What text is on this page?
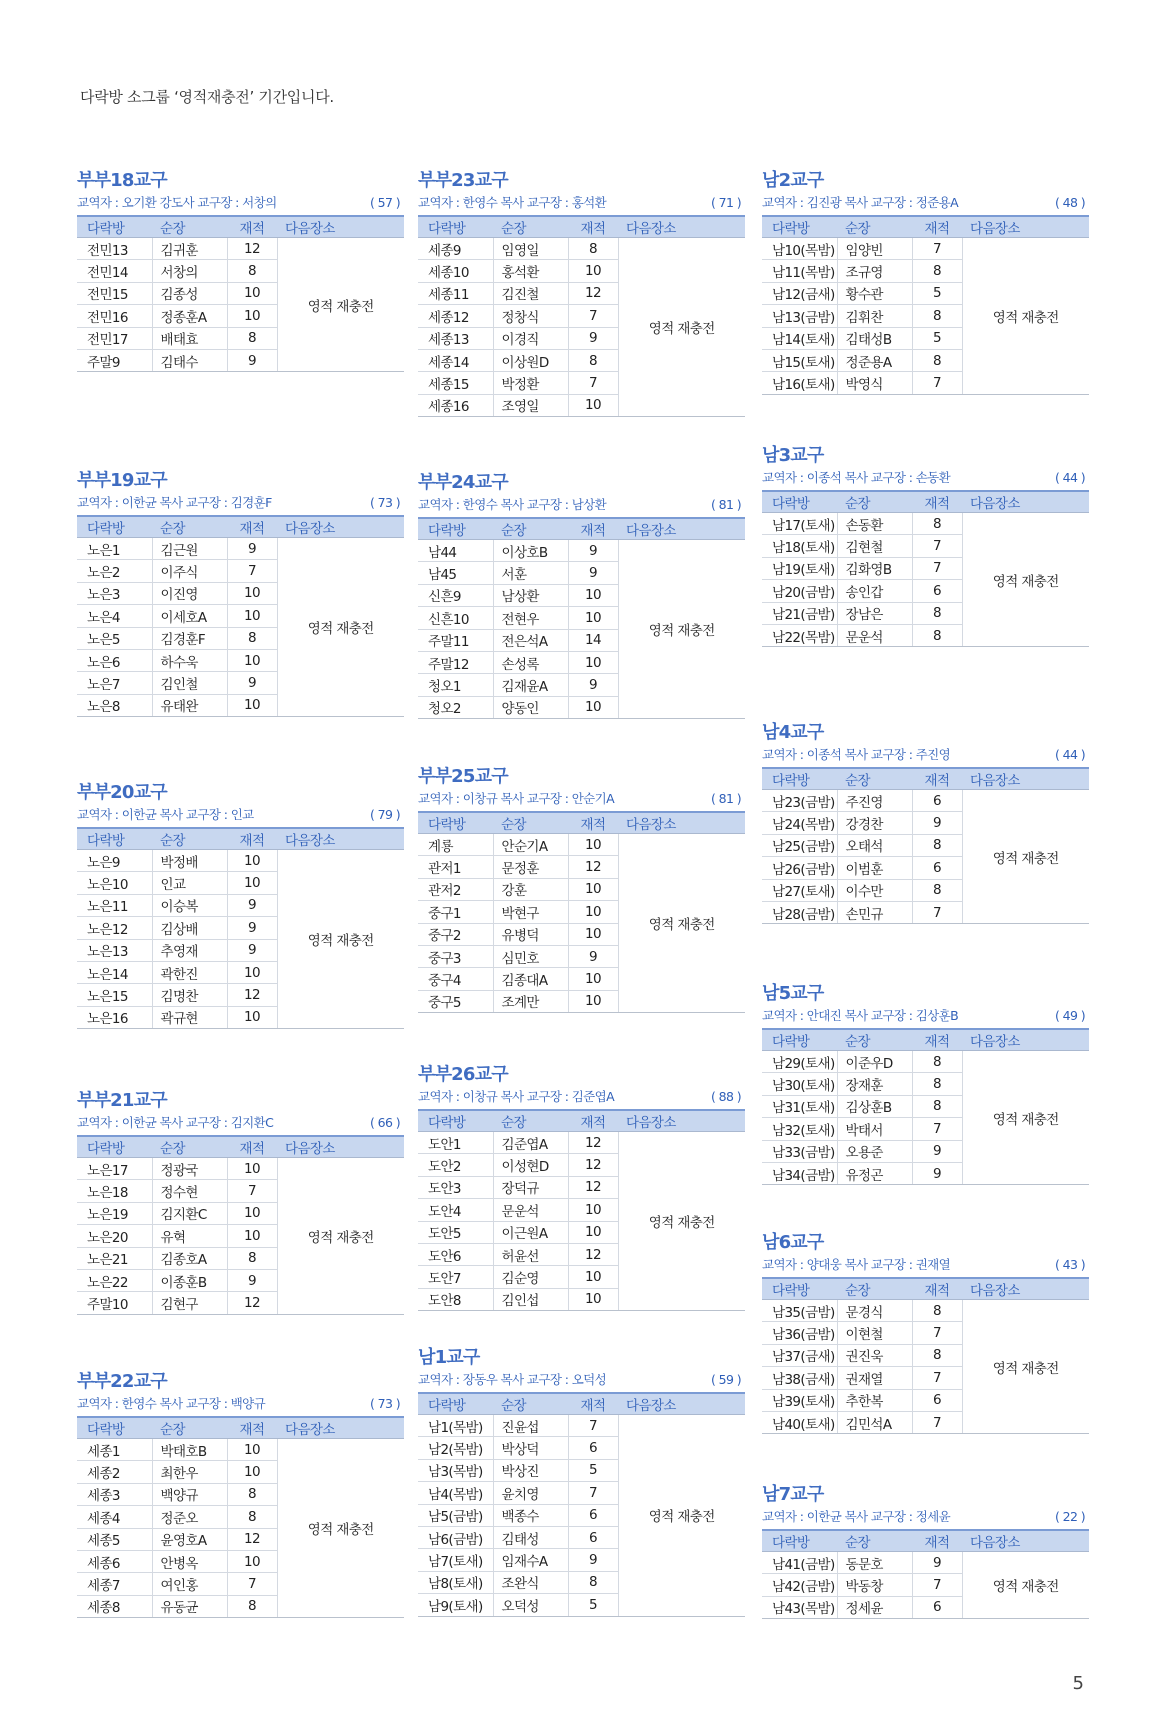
다락방 소그룹 ‘영적재충전’ 기간입니다.
부부18교구
교역자 : 오기환 강도사 교구장 : 서창의	( 57 )
다락방	순장	재적	다음장소
전민13	김귀훈	12	영적 재충전
전민14	서창의	8	
전민15	김종성	10	
전민16	정종훈A	10	
전민17	배태효	8	
주말9	김태수	9	
부부19교구
교역자 : 이한균 목사 교구장 : 김경훈F	( 73 )
다락방	순장	재적	다음장소
노은1	김근원	9	영적 재충전
노은2	이주식	7	
노은3	이진영	10	
노은4	이세호A	10	
노은5	김경훈F	8	
노은6	하수욱	10	
노은7	김인철	9	
노은8	유태완	10	
부부20교구
교역자 : 이한균 목사 교구장 : 인교	( 79 )
다락방	순장	재적	다음장소
노은9	박정배	10	영적 재충전
노은10	인교	10	
노은11	이승복	9	
노은12	김상배	9	
노은13	추영재	9	
노은14	곽한진	10	
노은15	김명찬	12	
노은16	곽규현	10	
부부21교구
교역자 : 이한균 목사 교구장 : 김지환C	( 66 )
다락방	순장	재적	다음장소
노은17	정광국	10	영적 재충전
노은18	정수현	7	
노은19	김지환C	10	
노은20	유혁	10	
노은21	김종호A	8	
노은22	이종훈B	9	
주말10	김현구	12	
부부22교구
교역자 : 한영수 목사 교구장 : 백양규	( 73 )
다락방	순장	재적	다음장소
세종1	박태호B	10	영적 재충전
세종2	최한우	10	
세종3	백양규	8	
세종4	정준오	8	
세종5	윤영호A	12	
세종6	안병옥	10	
세종7	여인홍	7	
세종8	유동균	8	
부부23교구
교역자 : 한영수 목사 교구장 : 홍석환	( 71 )
다락방	순장	재적	다음장소
세종9	임영일	8	영적 재충전
세종10	홍석환	10	
세종11	김진철	12	
세종12	정창식	7	
세종13	이경직	9	
세종14	이상원D	8	
세종15	박정환	7	
세종16	조영일	10	
부부24교구
교역자 : 한영수 목사 교구장 : 남상환	( 81 )
다락방	순장	재적	다음장소
남44	이상호B	9	영적 재충전
남45	서훈	9	
신흔9	남상환	10	
신흔10	전현우	10	
주말11	전은석A	14	
주말12	손성록	10	
청오1	김재윤A	9	
청오2	양동인	10	
부부25교구
교역자 : 이창규 목사 교구장 : 안순기A	( 81 )
다락방	순장	재적	다음장소
계룡	안순기A	10	영적 재충전
관저1	문정훈	12	
관저2	강훈	10	
중구1	박현구	10	
중구2	유병덕	10	
중구3	심민호	9	
중구4	김종대A	10	
중구5	조계만	10	
부부26교구
교역자 : 이창규 목사 교구장 : 김준엽A	( 88 )
다락방	순장	재적	다음장소
도안1	김준엽A	12	영적 재충전
도안2	이성현D	12	
도안3	장덕규	12	
도안4	문운석	10	
도안5	이근원A	10	
도안6	허윤선	12	
도안7	김순영	10	
도안8	김인섭	10	
남1교구
교역자 : 장동우 목사 교구장 : 오덕성	( 59 )
다락방	순장	재적	다음장소
남1(목밤)	진윤섭	7	영적 재충전
남2(목밤)	박상덕	6	
남3(목밤)	박상진	5	
남4(목밤)	윤치영	7	
남5(금밤)	백종수	6	
남6(금밤)	김태성	6	
남7(토새)	임재수A	9	
남8(토새)	조완식	8	
남9(토새)	오덕성	5	
남2교구
교역자 : 김진광 목사 교구장 : 정준용A	( 48 )
다락방	순장	재적	다음장소
남10(목밤)	임양빈	7	영적 재충전
남11(목밤)	조규영	8	
남12(금새)	황수관	5	
남13(금밤)	김휘찬	8	
남14(토새)	김태성B	5	
남15(토새)	정준용A	8	
남16(토새)	박영식	7	
남3교구
교역자 : 이종석 목사 교구장 : 손동환	( 44 )
다락방	순장	재적	다음장소
남17(토새)	손동환	8	영적 재충전
남18(토새)	김현철	7	
남19(토새)	김화영B	7	
남20(금밤)	송인갑	6	
남21(금밤)	장남은	8	
남22(목밤)	문운석	8	
남4교구
교역자 : 이종석 목사 교구장 : 주진영	( 44 )
다락방	순장	재적	다음장소
남23(금밤)	주진영	6	영적 재충전
남24(목밤)	강경찬	9	
남25(금밤)	오태석	8	
남26(금밤)	이범훈	6	
남27(토새)	이수만	8	
남28(금밤)	손민규	7	
남5교구
교역자 : 안대진 목사 교구장 : 김상훈B	( 49 )
다락방	순장	재적	다음장소
남29(토새)	이준우D	8	영적 재충전
남30(토새)	장재훈	8	
남31(토새)	김상훈B	8	
남32(토새)	박태서	7	
남33(금밤)	오용준	9	
남34(금밤)	유정곤	9	
남6교구
교역자 : 양대웅 목사 교구장 : 권재열	( 43 )
다락방	순장	재적	다음장소
남35(금밤)	문경식	8	영적 재충전
남36(금밤)	이현철	7	
남37(금새)	권진욱	8	
남38(금새)	권재열	7	
남39(토새)	추한복	6	
남40(토새)	김민석A	7	
남7교구
교역자 : 이한균 목사 교구장 : 정세윤	( 22 )
다락방	순장	재적	다음장소
남41(금밤)	동문호	9	영적 재충전
남42(금밤)	박동창	7	
남43(목밤)	정세윤	6	
5
